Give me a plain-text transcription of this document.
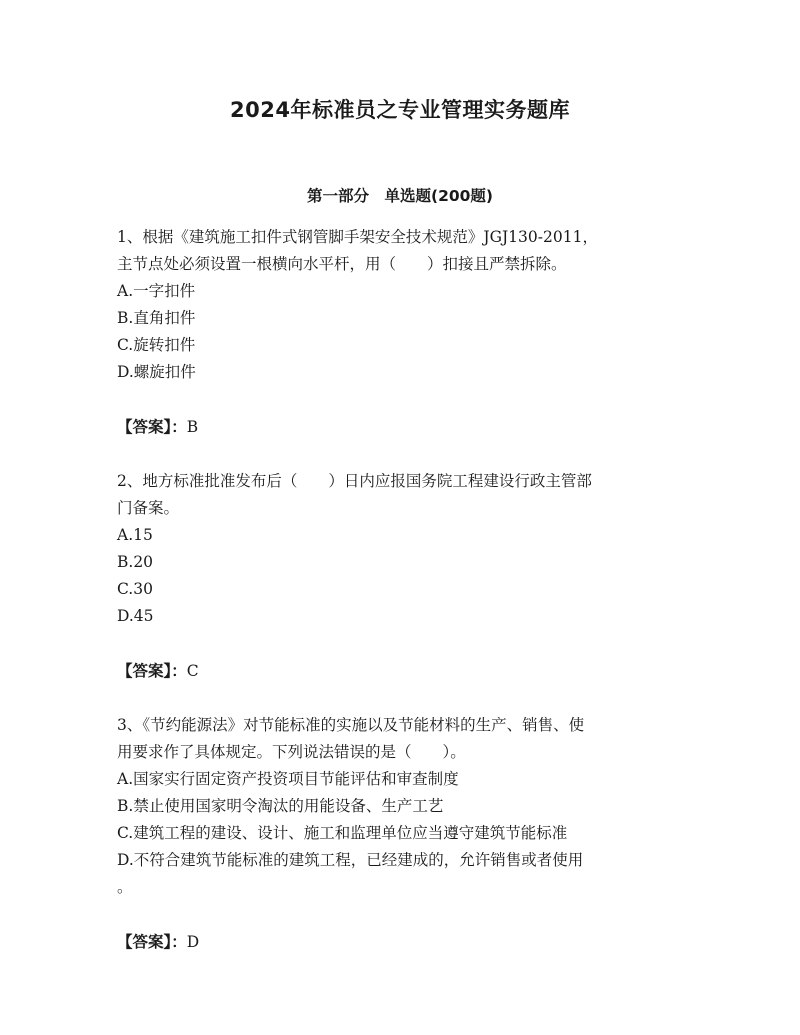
2024年标准员之专业管理实务题库
第一部分　单选题(200题)

1、根据《建筑施工扣件式钢管脚手架安全技术规范》JGJ130-2011，

主节点处必须设置一根横向水平杆，用（　　）扣接且严禁拆除。

A.一字扣件

B.直角扣件

C.旋转扣件

D.螺旋扣件

【答案】：B

2、地方标准批准发布后（　　）日内应报国务院工程建设行政主管部

门备案。

A.15

B.20

C.30

D.45

【答案】：C

3、《节约能源法》对节能标准的实施以及节能材料的生产、销售、使

用要求作了具体规定。下列说法错误的是（　　）。

A.国家实行固定资产投资项目节能评估和审查制度

B.禁止使用国家明令淘汰的用能设备、生产工艺

C.建筑工程的建设、设计、施工和监理单位应当遵守建筑节能标准

D.不符合建筑节能标准的建筑工程，已经建成的，允许销售或者使用

。

【答案】：D
